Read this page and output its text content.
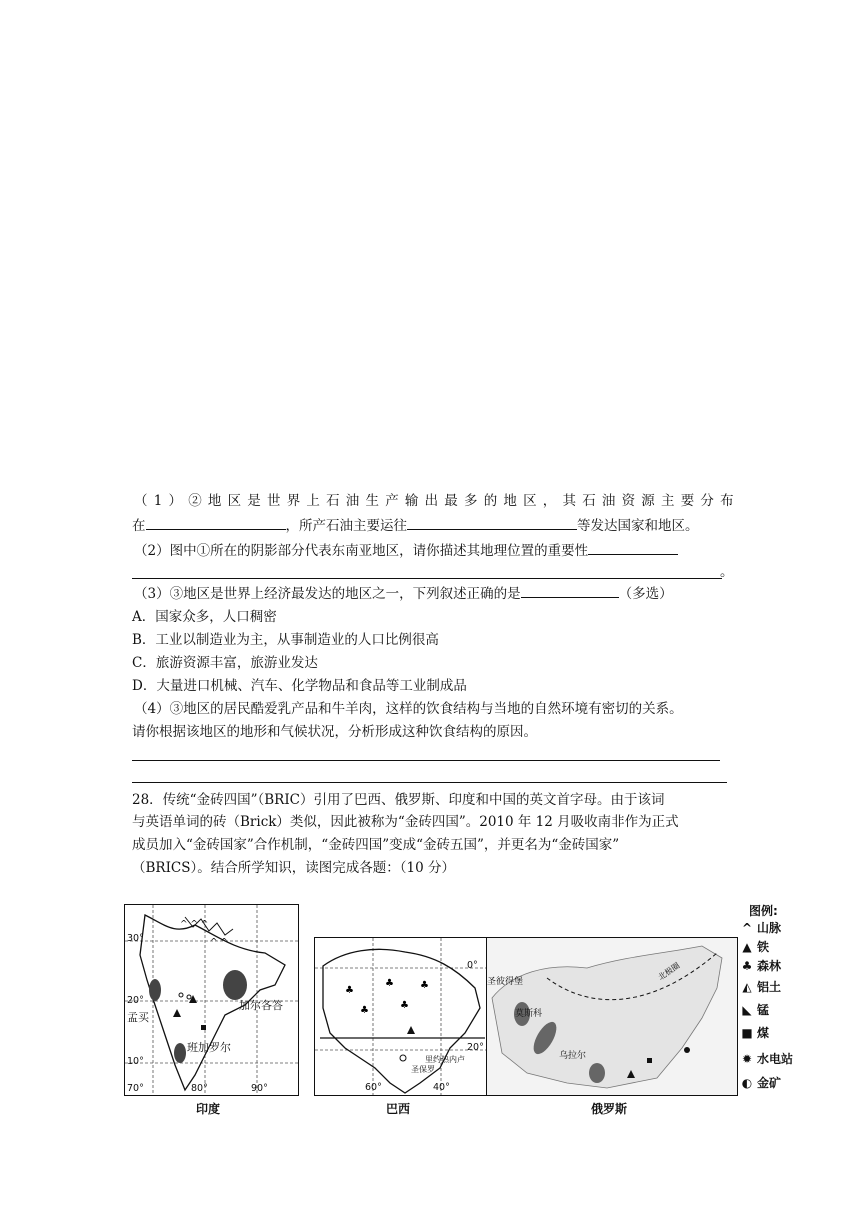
（1）②地区是世界上石油生产输出最多的地区，其石油资源主要分布
在	，所产石油主要运往	等发达国家和地区。
（2）图中①所在的阴影部分代表东南亚地区，请你描述其地理位置的重要性
。
（3）③地区是世界上经济最发达的地区之一，下列叙述正确的是	（多选）
A．国家众多，人口稠密
B．工业以制造业为主，从事制造业的人口比例很高
C．旅游资源丰富，旅游业发达
D．大量进口机械、汽车、化学物品和食品等工业制成品
（4）③地区的居民酷爱乳产品和牛羊肉，这样的饮食结构与当地的自然环境有密切的关系。
请你根据该地区的地形和气候状况，分析形成这种饮食结构的原因。
28．传统“金砖四国”（BRIC）引用了巴西、俄罗斯、印度和中国的英文首字母。由于该词
与英语单词的砖（Brick）类似，因此被称为“金砖四国”。2010 年 12 月吸收南非作为正式
成员加入“金砖国家”合作机制，“金砖四国”变成“金砖五国”，并更名为“金砖国家”
（BRICS）。结合所学知识，读图完成各题：（10 分）
^ ^ ^
^ ^
30°
20°
10°
70°	80°	90°
加尔各答
孟买
班加罗尔
印度
♣
♣	♣
♣	♣
0°
20°
60°	40°
里约热内卢
圣保罗
巴西
圣彼得堡
莫斯科
乌拉尔
北极圈
俄罗斯
图例:
^ 山脉
▲ 铁
♣ 森林
◭ 铝土
◣ 锰
■ 煤
✹ 水电站
◐ 金矿
